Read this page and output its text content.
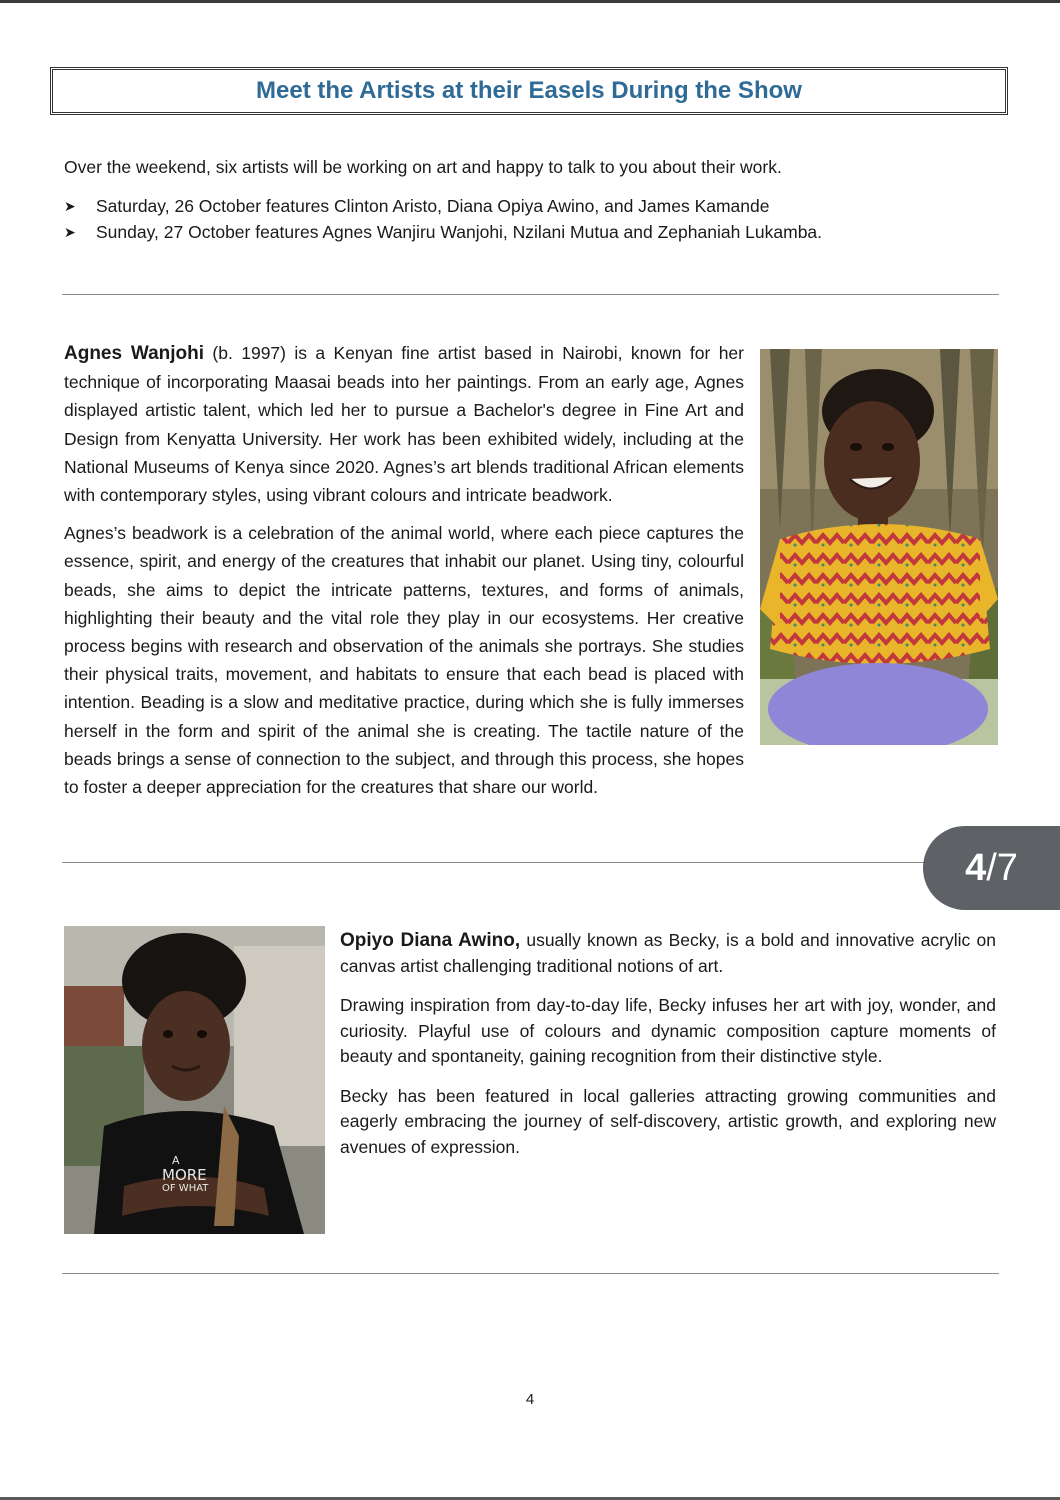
Meet the Artists at their Easels During the Show

Over the weekend, six artists will be working on art and happy to talk to you about their work.

➤ Saturday, 26 October features Clinton Aristo, Diana Opiya Awino, and James Kamande
➤ Sunday, 27 October features Agnes Wanjiru Wanjohi, Nzilani Mutua and Zephaniah Lukamba.

Agnes Wanjohi (b. 1997) is a Kenyan fine artist based in Nairobi, known for her technique of incorporating Maasai beads into her paintings. From an early age, Agnes displayed artistic talent, which led her to pursue a Bachelor's degree in Fine Art and Design from Kenyatta University. Her work has been exhibited widely, including at the National Museums of Kenya since 2020. Agnes’s art blends traditional African elements with contemporary styles, using vibrant colours and intricate beadwork.

Agnes’s beadwork is a celebration of the animal world, where each piece captures the essence, spirit, and energy of the creatures that inhabit our planet. Using tiny, colourful beads, she aims to depict the intricate patterns, textures, and forms of animals, highlighting their beauty and the vital role they play in our ecosystems. Her creative process begins with research and observation of the animals she portrays. She studies their physical traits, movement, and habitats to ensure that each bead is placed with intention. Beading is a slow and meditative practice, during which she is fully immerses herself in the form and spirit of the animal she is creating. The tactile nature of the beads brings a sense of connection to the subject, and through this process, she hopes to foster a deeper appreciation for the creatures that share our world.

A
MORE
OF WHAT

Opiyo Diana Awino, usually known as Becky, is a bold and innovative acrylic on canvas artist challenging traditional notions of art.

Drawing inspiration from day-to-day life, Becky infuses her art with joy, wonder, and curiosity. Playful use of colours and dynamic composition capture moments of beauty and spontaneity, gaining recognition from their distinctive style.

Becky has been featured in local galleries attracting growing communities and eagerly embracing the journey of self-discovery, artistic growth, and exploring new avenues of expression.

4
4 /7
